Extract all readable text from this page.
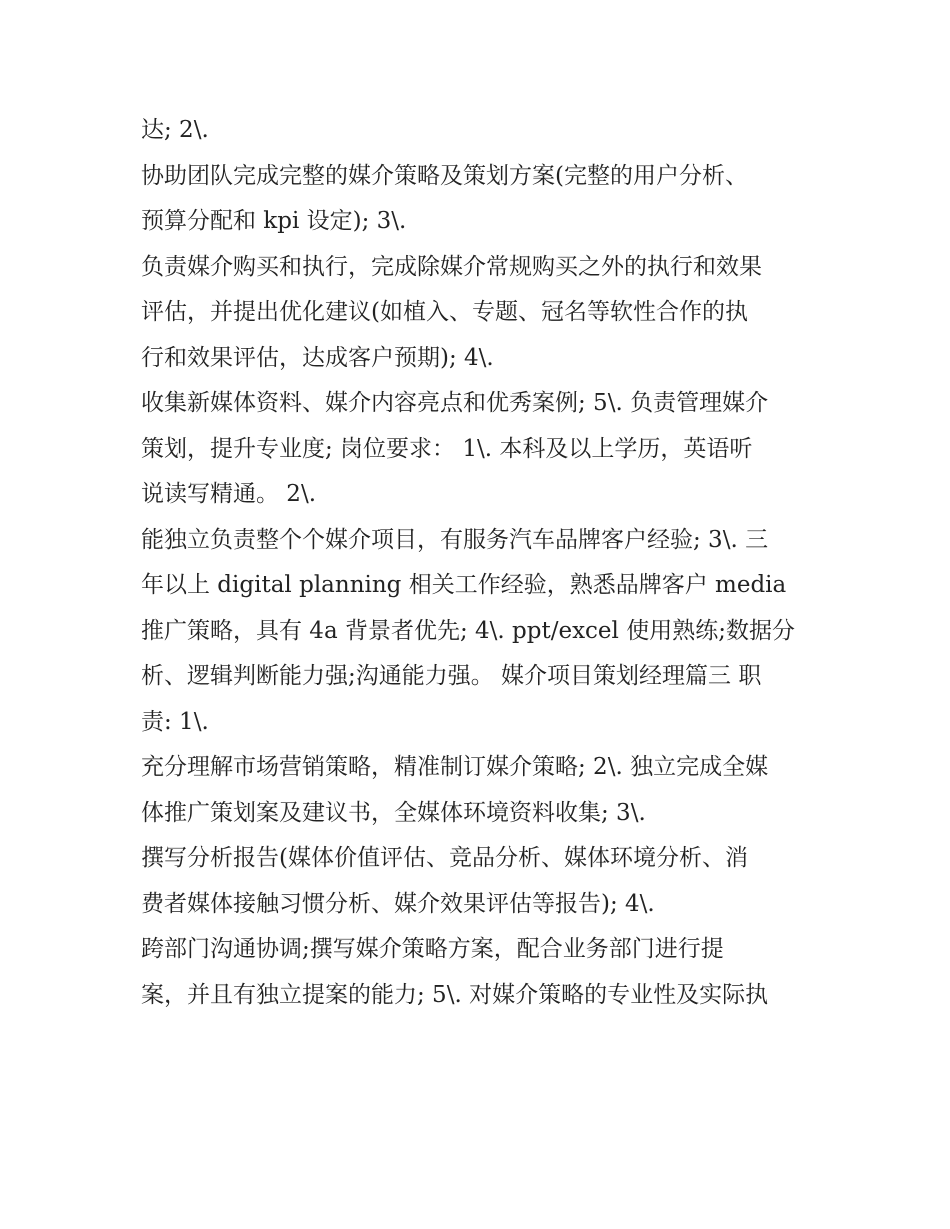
达; 2\.
协助团队完成完整的媒介策略及策划方案(完整的用户分析、
预算分配和 kpi 设定); 3\.
负责媒介购买和执行，完成除媒介常规购买之外的执行和效果
评估，并提出优化建议(如植入、专题、冠名等软性合作的执
行和效果评估，达成客户预期); 4\.
收集新媒体资料、媒介内容亮点和优秀案例; 5\. 负责管理媒介
策划，提升专业度; 岗位要求： 1\. 本科及以上学历，英语听
说读写精通。 2\.
能独立负责整个个媒介项目，有服务汽车品牌客户经验; 3\. 三
年以上 digital planning 相关工作经验，熟悉品牌客户 media
推广策略，具有 4a 背景者优先; 4\. ppt/excel 使用熟练;数据分
析、逻辑判断能力强;沟通能力强。 媒介项目策划经理篇三 职
责: 1\.
充分理解市场营销策略，精准制订媒介策略; 2\. 独立完成全媒
体推广策划案及建议书，全媒体环境资料收集; 3\.
撰写分析报告(媒体价值评估、竞品分析、媒体环境分析、消
费者媒体接触习惯分析、媒介效果评估等报告); 4\.
跨部门沟通协调;撰写媒介策略方案，配合业务部门进行提
案，并且有独立提案的能力; 5\. 对媒介策略的专业性及实际执
